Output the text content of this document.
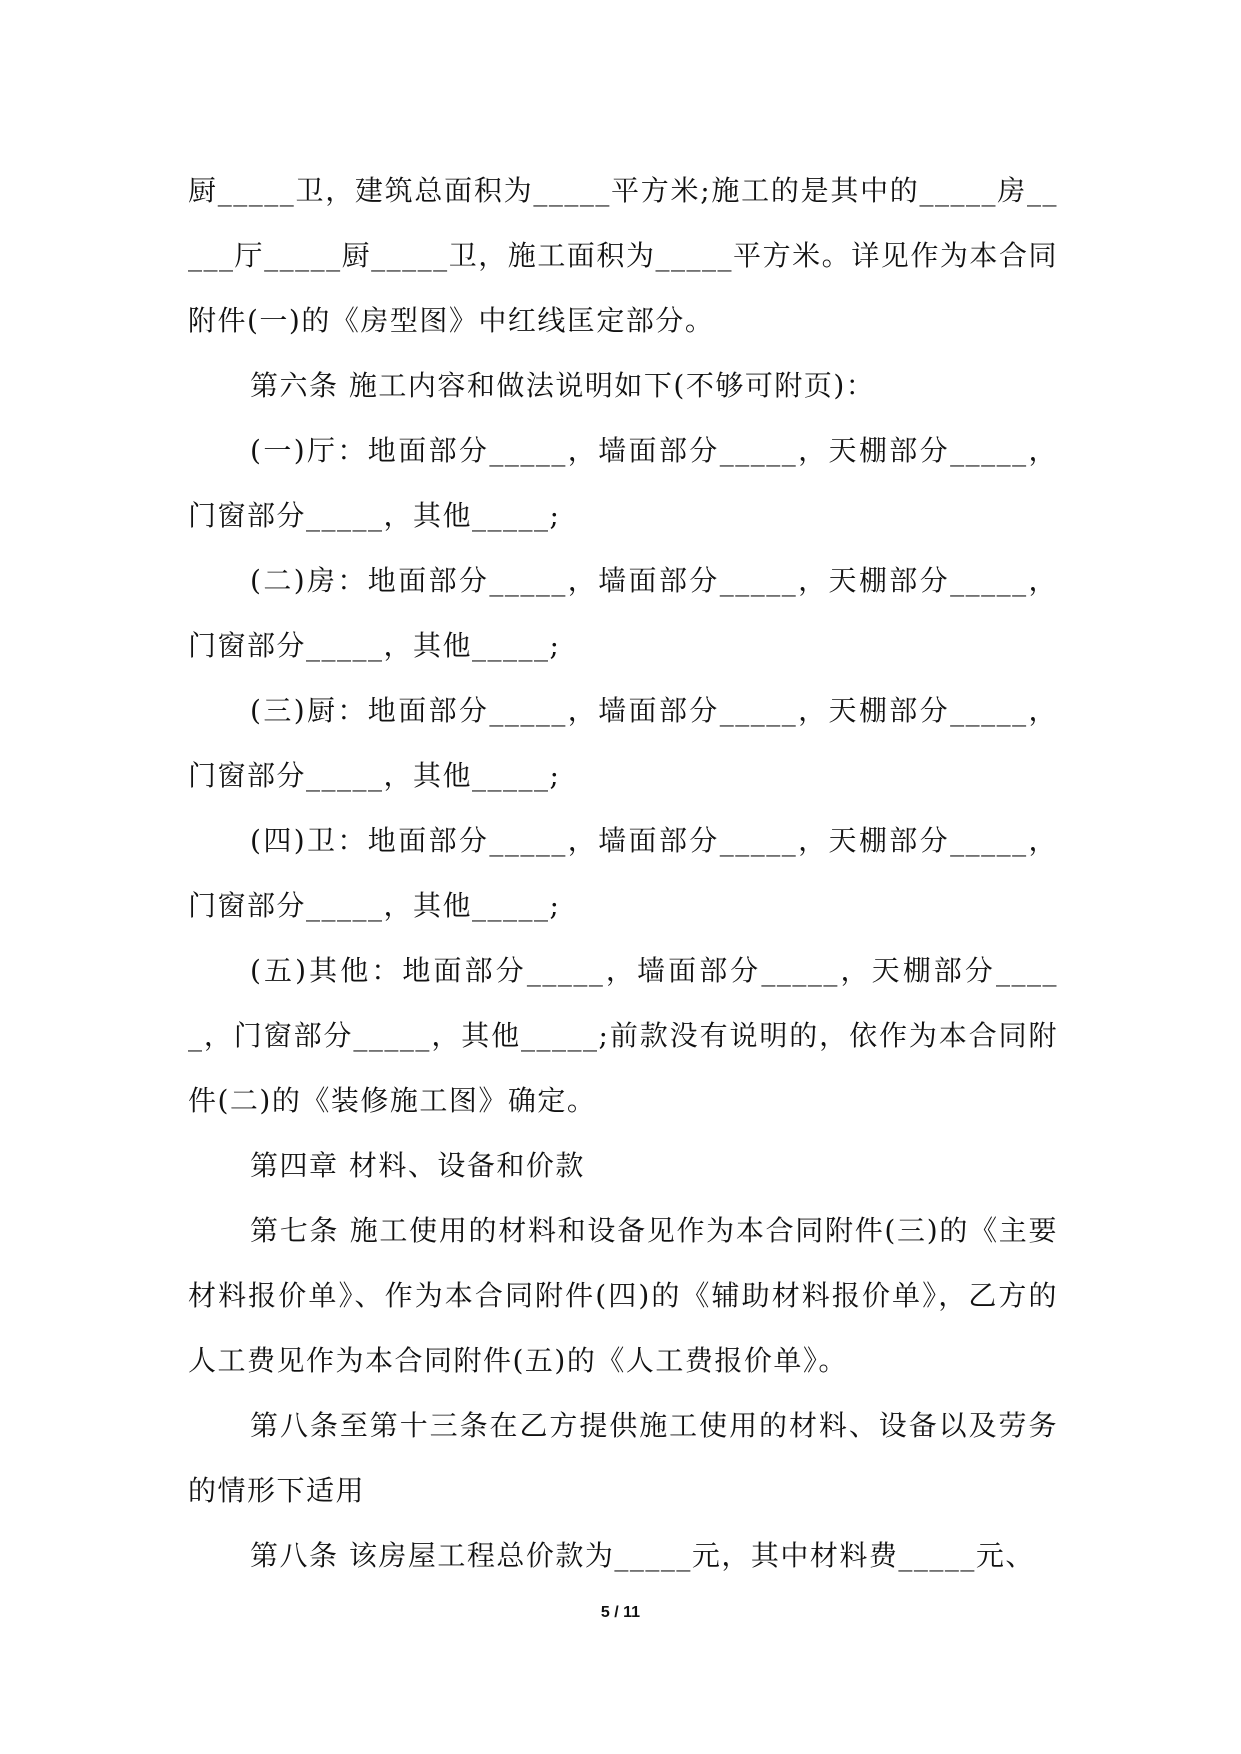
厨_____卫，建筑总面积为_____平方米;施工的是其中的_____房_____厅_____厨_____卫，施工面积为_____平方米。详见作为本合同附件(一)的《房型图》中红线匡定部分。

第六条 施工内容和做法说明如下(不够可附页)：

(一)厅：地面部分_____，墙面部分_____，天棚部分_____，门窗部分_____，其他_____;

(二)房：地面部分_____，墙面部分_____，天棚部分_____，门窗部分_____，其他_____;

(三)厨：地面部分_____，墙面部分_____，天棚部分_____，门窗部分_____，其他_____;

(四)卫：地面部分_____，墙面部分_____，天棚部分_____，门窗部分_____，其他_____;

(五)其他：地面部分_____，墙面部分_____，天棚部分_____，门窗部分_____，其他_____;前款没有说明的，依作为本合同附件(二)的《装修施工图》确定。

第四章 材料、设备和价款

第七条 施工使用的材料和设备见作为本合同附件(三)的《主要材料报价单》、作为本合同附件(四)的《辅助材料报价单》，乙方的人工费见作为本合同附件(五)的《人工费报价单》。

第八条至第十三条在乙方提供施工使用的材料、设备以及劳务的情形下适用

第八条 该房屋工程总价款为_____元，其中材料费_____元、

5 / 11
